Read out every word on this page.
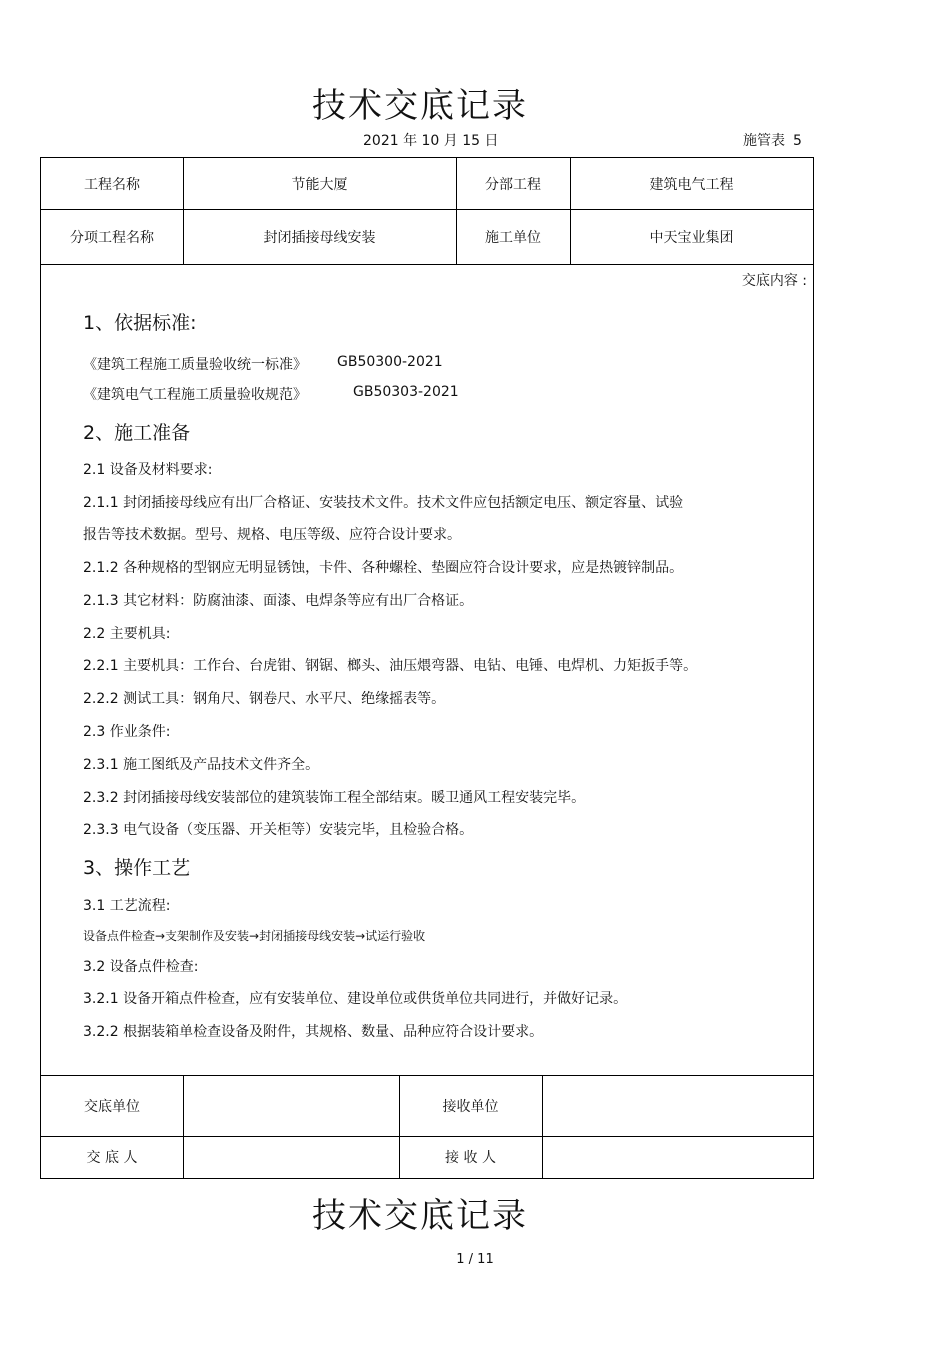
技术交底记录
2021 年 10 月 15 日	施管表 5
工程名称	节能大厦	分部工程	建筑电气工程
分项工程名称	封闭插接母线安装	施工单位	中天宝业集团
交底内容 :
1、依据标准:
《建筑工程施工质量验收统一标准》 GB50300-2021
《建筑电气工程施工质量验收规范》	GB50303-2021
2、施工准备
2.1 设备及材料要求:
2.1.1 封闭插接母线应有出厂合格证、安装技术文件。技术文件应包括额定电压、额定容量、试验
报告等技术数据。型号、规格、电压等级、应符合设计要求。
2.1.2 各种规格的型钢应无明显锈蚀，卡件、各种螺栓、垫圈应符合设计要求，应是热镀锌制品。
2.1.3 其它材料：防腐油漆、面漆、电焊条等应有出厂合格证。
2.2 主要机具:
2.2.1 主要机具：工作台、台虎钳、钢锯、榔头、油压煨弯器、电钻、电锤、电焊机、力矩扳手等。
2.2.2 测试工具：钢角尺、钢卷尺、水平尺、绝缘摇表等。
2.3 作业条件:
2.3.1 施工图纸及产品技术文件齐全。
2.3.2 封闭插接母线安装部位的建筑装饰工程全部结束。暖卫通风工程安装完毕。
2.3.3 电气设备（变压器、开关柜等）安装完毕，且检验合格。
3、操作工艺
3.1 工艺流程:
设备点件检查→支架制作及安装→封闭插接母线安装→试运行验收
3.2 设备点件检查:
3.2.1 设备开箱点件检查，应有安装单位、建设单位或供货单位共同进行，并做好记录。
3.2.2 根据装箱单检查设备及附件，其规格、数量、品种应符合设计要求。
交底单位	接收单位
交 底 人	接 收 人
技术交底记录
1 / 11
